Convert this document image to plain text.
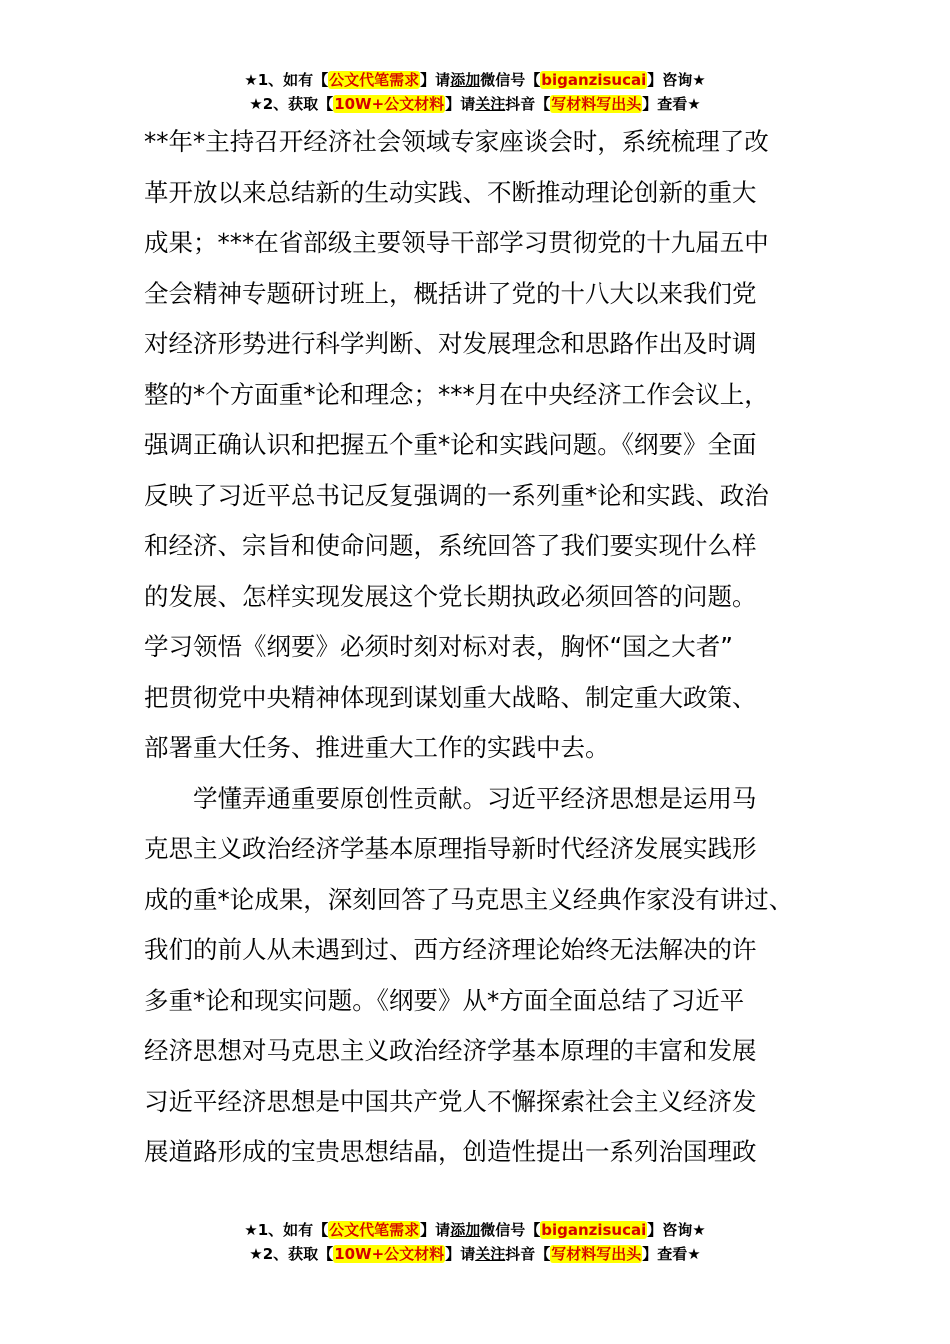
★1、如有【公文代笔需求】请添加微信号【biganzisucai】咨询★
★2、获取【10W+公文材料】请关注抖音【写材料写出头】查看★

**年*主持召开经济社会领域专家座谈会时，系统梳理了改
革开放以来总结新的生动实践、不断推动理论创新的重大
成果；***在省部级主要领导干部学习贯彻党的十九届五中
全会精神专题研讨班上，概括讲了党的十八大以来我们党
对经济形势进行科学判断、对发展理念和思路作出及时调
整的*个方面重*论和理念；***月在中央经济工作会议上，
强调正确认识和把握五个重*论和实践问题。《纲要》全面
反映了习近平总书记反复强调的一系列重*论和实践、政治
和经济、宗旨和使命问题，系统回答了我们要实现什么样
的发展、怎样实现发展这个党长期执政必须回答的问题。
学习领悟《纲要》必须时刻对标对表，胸怀“国之大者”
把贯彻党中央精神体现到谋划重大战略、制定重大政策、
部署重大任务、推进重大工作的实践中去。

学懂弄通重要原创性贡献。习近平经济思想是运用马
克思主义政治经济学基本原理指导新时代经济发展实践形
成的重*论成果，深刻回答了马克思主义经典作家没有讲过、
我们的前人从未遇到过、西方经济理论始终无法解决的许
多重*论和现实问题。《纲要》从*方面全面总结了习近平
经济思想对马克思主义政治经济学基本原理的丰富和发展
习近平经济思想是中国共产党人不懈探索社会主义经济发
展道路形成的宝贵思想结晶，创造性提出一系列治国理政

★1、如有【公文代笔需求】请添加微信号【biganzisucai】咨询★
★2、获取【10W+公文材料】请关注抖音【写材料写出头】查看★
